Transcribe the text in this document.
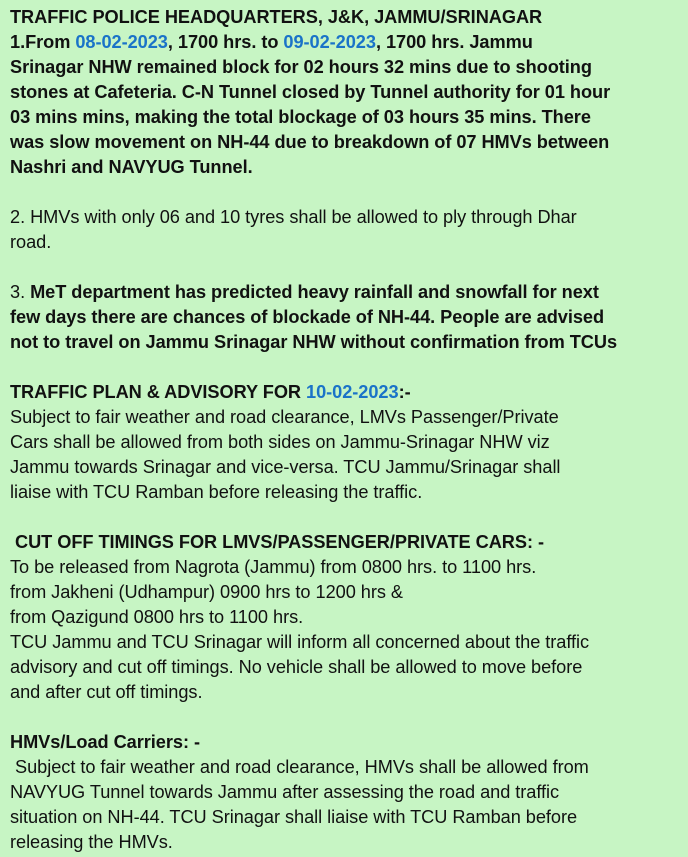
TRAFFIC POLICE HEADQUARTERS, J&K, JAMMU/SRINAGAR
1.From 08-02-2023, 1700 hrs. to 09-02-2023, 1700 hrs. Jammu
Srinagar NHW remained block for 02 hours 32 mins due to shooting
stones at Cafeteria. C-N Tunnel closed by Tunnel authority for 01 hour
03 mins mins, making the total blockage of 03 hours 35 mins. There
was slow movement on NH-44 due to breakdown of 07 HMVs between
Nashri and NAVYUG Tunnel.
2. HMVs with only 06 and 10 tyres shall be allowed to ply through Dhar
road.
3. MeT department has predicted heavy rainfall and snowfall for next
few days there are chances of blockade of NH-44. People are advised
not to travel on Jammu Srinagar NHW without confirmation from TCUs
TRAFFIC PLAN & ADVISORY FOR 10-02-2023:-
Subject to fair weather and road clearance, LMVs Passenger/Private
Cars shall be allowed from both sides on Jammu-Srinagar NHW viz
Jammu towards Srinagar and vice-versa. TCU Jammu/Srinagar shall
liaise with TCU Ramban before releasing the traffic.
CUT OFF TIMINGS FOR LMVS/PASSENGER/PRIVATE CARS: -
To be released from Nagrota (Jammu) from 0800 hrs. to 1100 hrs.
from Jakheni (Udhampur) 0900 hrs to 1200 hrs &
from Qazigund 0800 hrs to 1100 hrs.
TCU Jammu and TCU Srinagar will inform all concerned about the traffic
advisory and cut off timings. No vehicle shall be allowed to move before
and after cut off timings.
HMVs/Load Carriers: -
Subject to fair weather and road clearance, HMVs shall be allowed from
NAVYUG Tunnel towards Jammu after assessing the road and traffic
situation on NH-44. TCU Srinagar shall liaise with TCU Ramban before
releasing the HMVs.
